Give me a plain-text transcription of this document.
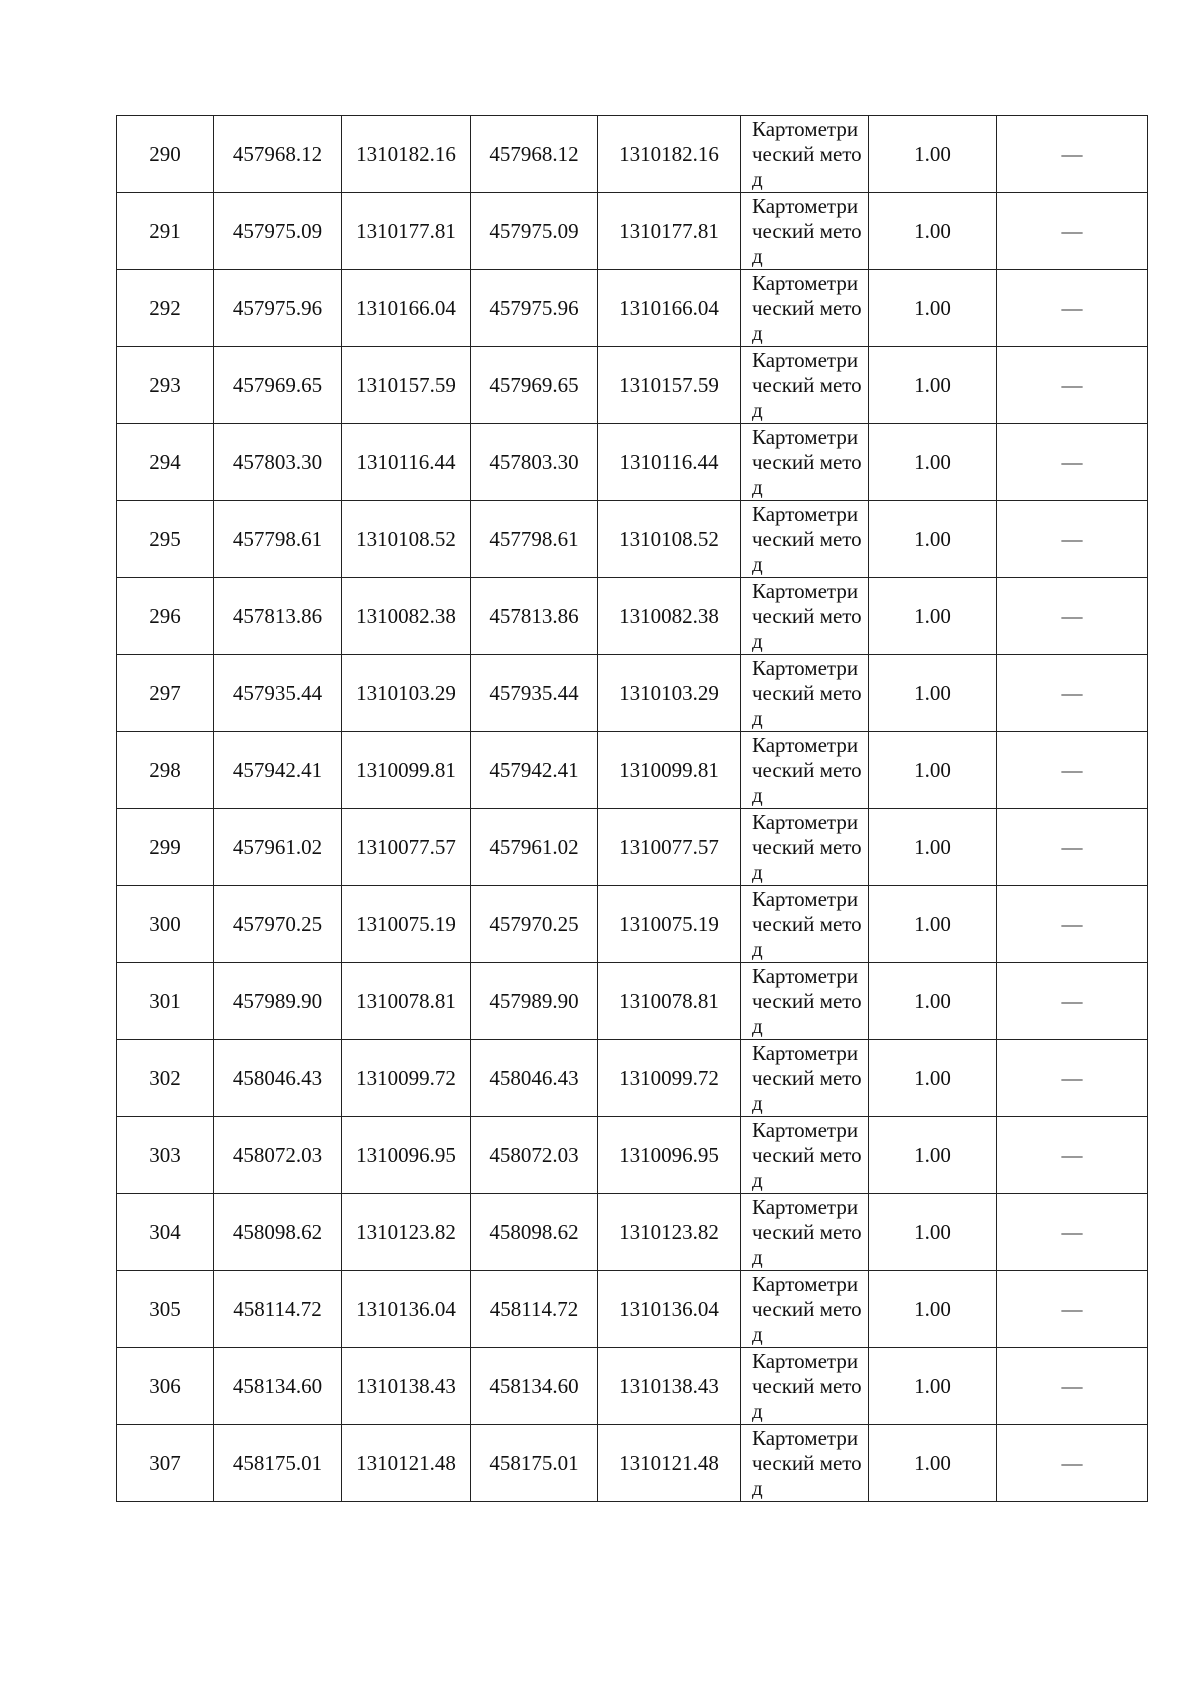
290	457968.12	1310182.16	457968.12	1310182.16	Картометрический метод	1.00	—
291	457975.09	1310177.81	457975.09	1310177.81	Картометрический метод	1.00	—
292	457975.96	1310166.04	457975.96	1310166.04	Картометрический метод	1.00	—
293	457969.65	1310157.59	457969.65	1310157.59	Картометрический метод	1.00	—
294	457803.30	1310116.44	457803.30	1310116.44	Картометрический метод	1.00	—
295	457798.61	1310108.52	457798.61	1310108.52	Картометрический метод	1.00	—
296	457813.86	1310082.38	457813.86	1310082.38	Картометрический метод	1.00	—
297	457935.44	1310103.29	457935.44	1310103.29	Картометрический метод	1.00	—
298	457942.41	1310099.81	457942.41	1310099.81	Картометрический метод	1.00	—
299	457961.02	1310077.57	457961.02	1310077.57	Картометрический метод	1.00	—
300	457970.25	1310075.19	457970.25	1310075.19	Картометрический метод	1.00	—
301	457989.90	1310078.81	457989.90	1310078.81	Картометрический метод	1.00	—
302	458046.43	1310099.72	458046.43	1310099.72	Картометрический метод	1.00	—
303	458072.03	1310096.95	458072.03	1310096.95	Картометрический метод	1.00	—
304	458098.62	1310123.82	458098.62	1310123.82	Картометрический метод	1.00	—
305	458114.72	1310136.04	458114.72	1310136.04	Картометрический метод	1.00	—
306	458134.60	1310138.43	458134.60	1310138.43	Картометрический метод	1.00	—
307	458175.01	1310121.48	458175.01	1310121.48	Картометрический метод	1.00	—
